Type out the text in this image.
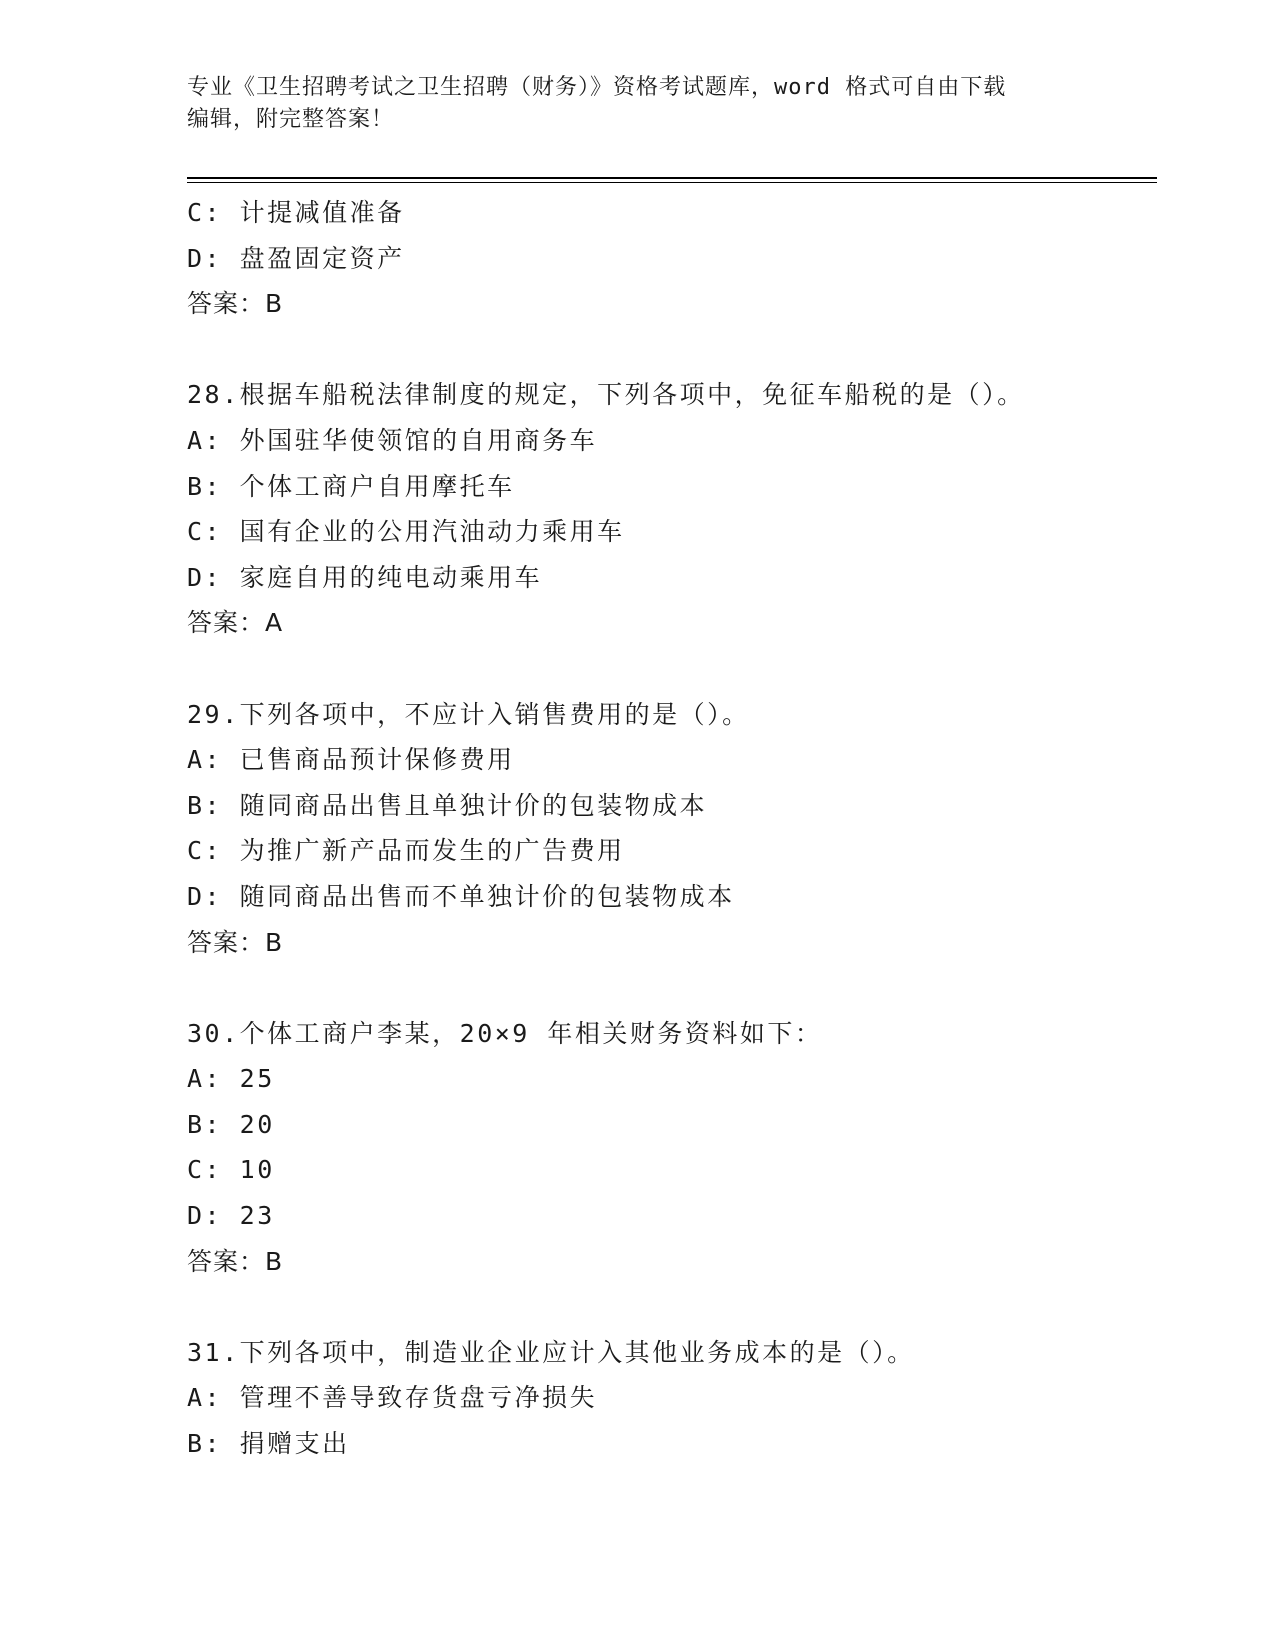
专业《卫生招聘考试之卫生招聘（财务）》资格考试题库，word 格式可自由下载
编辑，附完整答案！
C: 计提减值准备
D: 盘盈固定资产
答案：B
28.根据车船税法律制度的规定，下列各项中，免征车船税的是（）。
A: 外国驻华使领馆的自用商务车
B: 个体工商户自用摩托车
C: 国有企业的公用汽油动力乘用车
D: 家庭自用的纯电动乘用车
答案：A
29.下列各项中，不应计入销售费用的是（）。
A: 已售商品预计保修费用
B: 随同商品出售且单独计价的包装物成本
C: 为推广新产品而发生的广告费用
D: 随同商品出售而不单独计价的包装物成本
答案：B
30.个体工商户李某，20×9 年相关财务资料如下：
A: 25
B: 20
C: 10
D: 23
答案：B
31.下列各项中，制造业企业应计入其他业务成本的是（）。
A: 管理不善导致存货盘亏净损失
B: 捐赠支出
